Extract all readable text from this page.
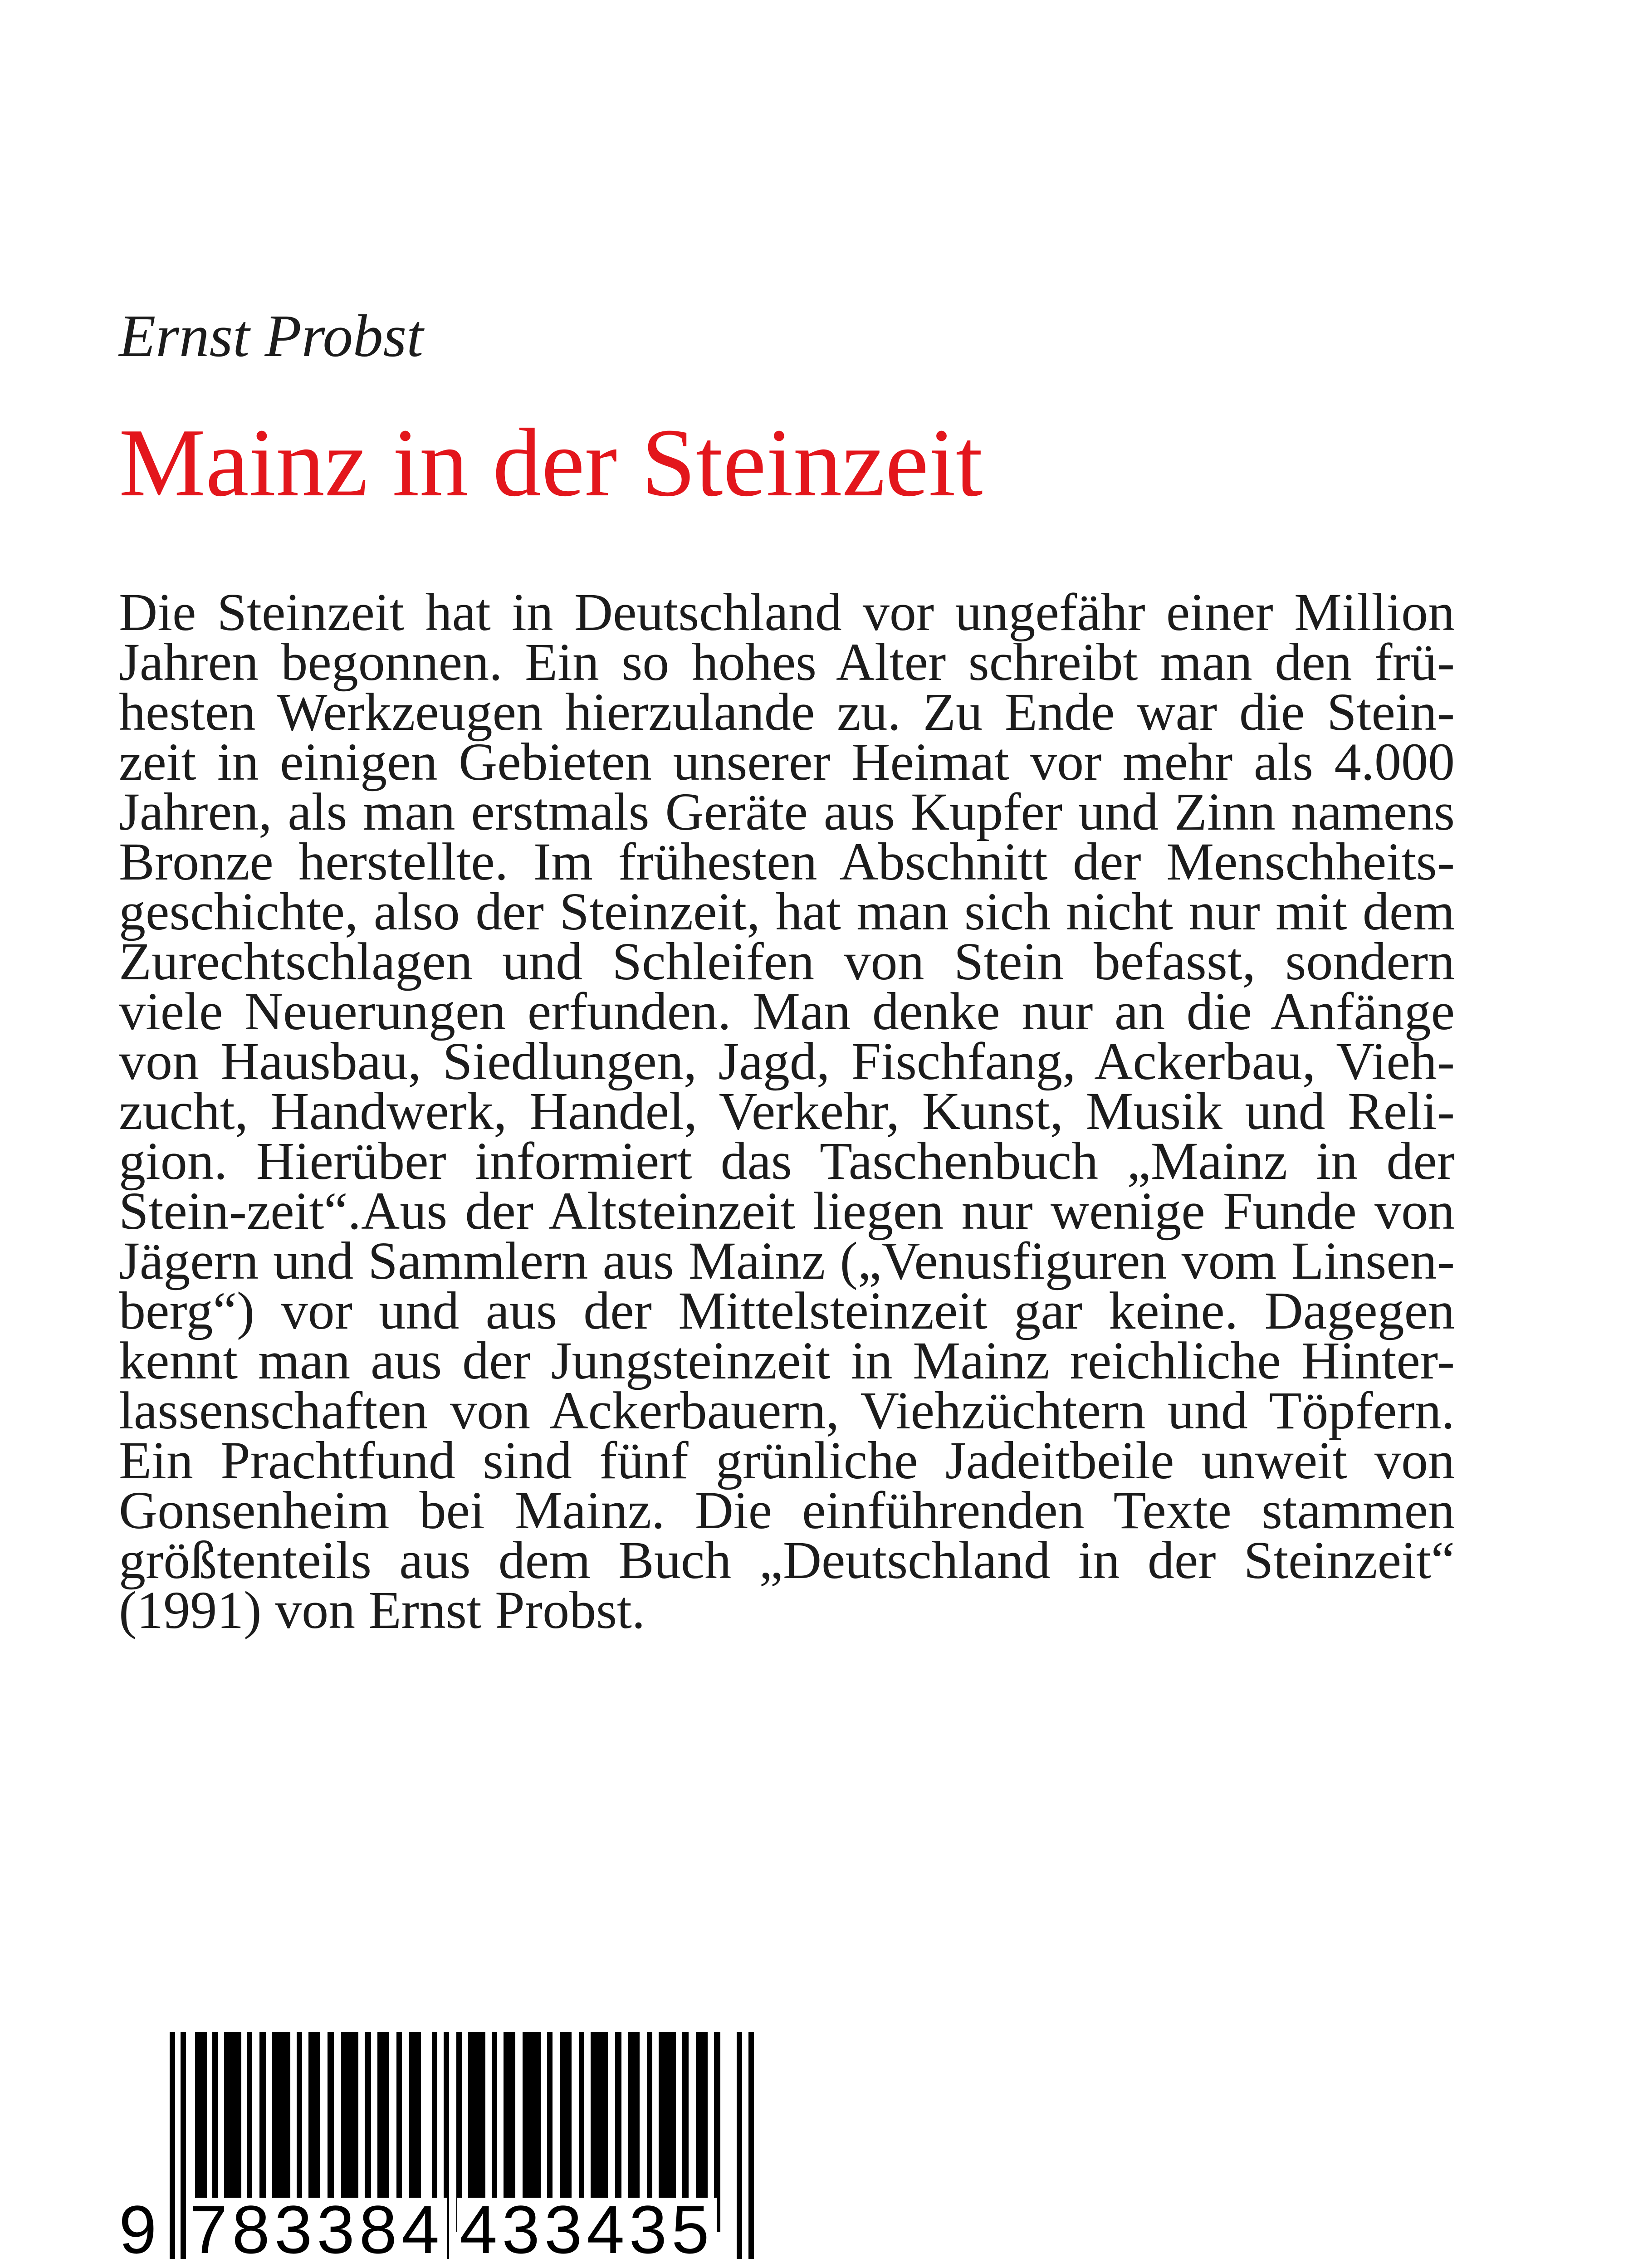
Ernst Probst

Mainz in der Steinzeit
Die Steinzeit hat in Deutschland vor ungefähr einer Million
Jahren begonnen. Ein so hohes Alter schreibt man den frü-
hesten Werkzeugen hierzulande zu. Zu Ende war die Stein-
zeit in einigen Gebieten unserer Heimat vor mehr als 4.000
Jahren, als man erstmals Geräte aus Kupfer und Zinn namens
Bronze herstellte. Im frühesten Abschnitt der Menschheits-
geschichte, also der Steinzeit, hat man sich nicht nur mit dem
Zurechtschlagen und Schleifen von Stein befasst, sondern
viele Neuerungen erfunden. Man denke nur an die Anfänge
von Hausbau, Siedlungen, Jagd, Fischfang, Ackerbau, Vieh-
zucht, Handwerk, Handel, Verkehr, Kunst, Musik und Reli-
gion. Hierüber informiert das Taschenbuch „Mainz in der
Stein-zeit“.Aus der Altsteinzeit liegen nur wenige Funde von
Jägern und Sammlern aus Mainz („Venusfiguren vom Linsen-
berg“) vor und aus der Mittelsteinzeit gar keine. Dagegen
kennt man aus der Jungsteinzeit in Mainz reichliche Hinter-
lassenschaften von Ackerbauern, Viehzüchtern und Töpfern.
Ein Prachtfund sind fünf grünliche Jadeitbeile unweit von
Gonsenheim bei Mainz. Die einführenden Texte stammen
größtenteils aus dem Buch „Deutschland in der Steinzeit“
(1991) von Ernst Probst.
9 783384 433435
